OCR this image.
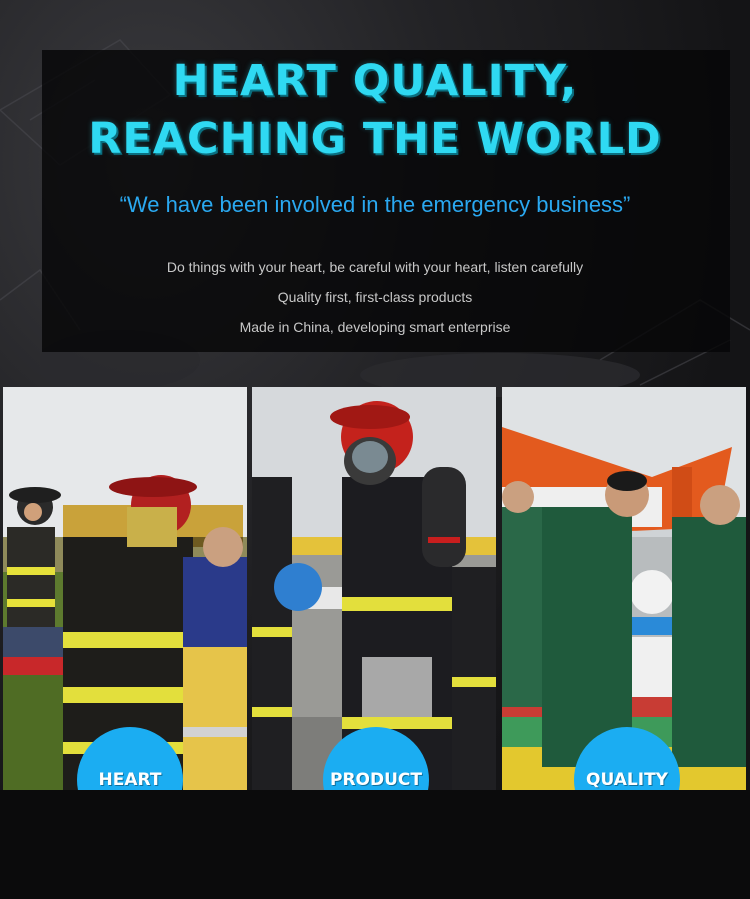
HEART QUALITY,
REACHING THE WORLD

“We have been involved in the emergency business”

Do things with your heart, be careful with your heart, listen carefully

Quality first, first-class products

Made in China, developing smart enterprise

HEART	PRODUCT	QUALITY
